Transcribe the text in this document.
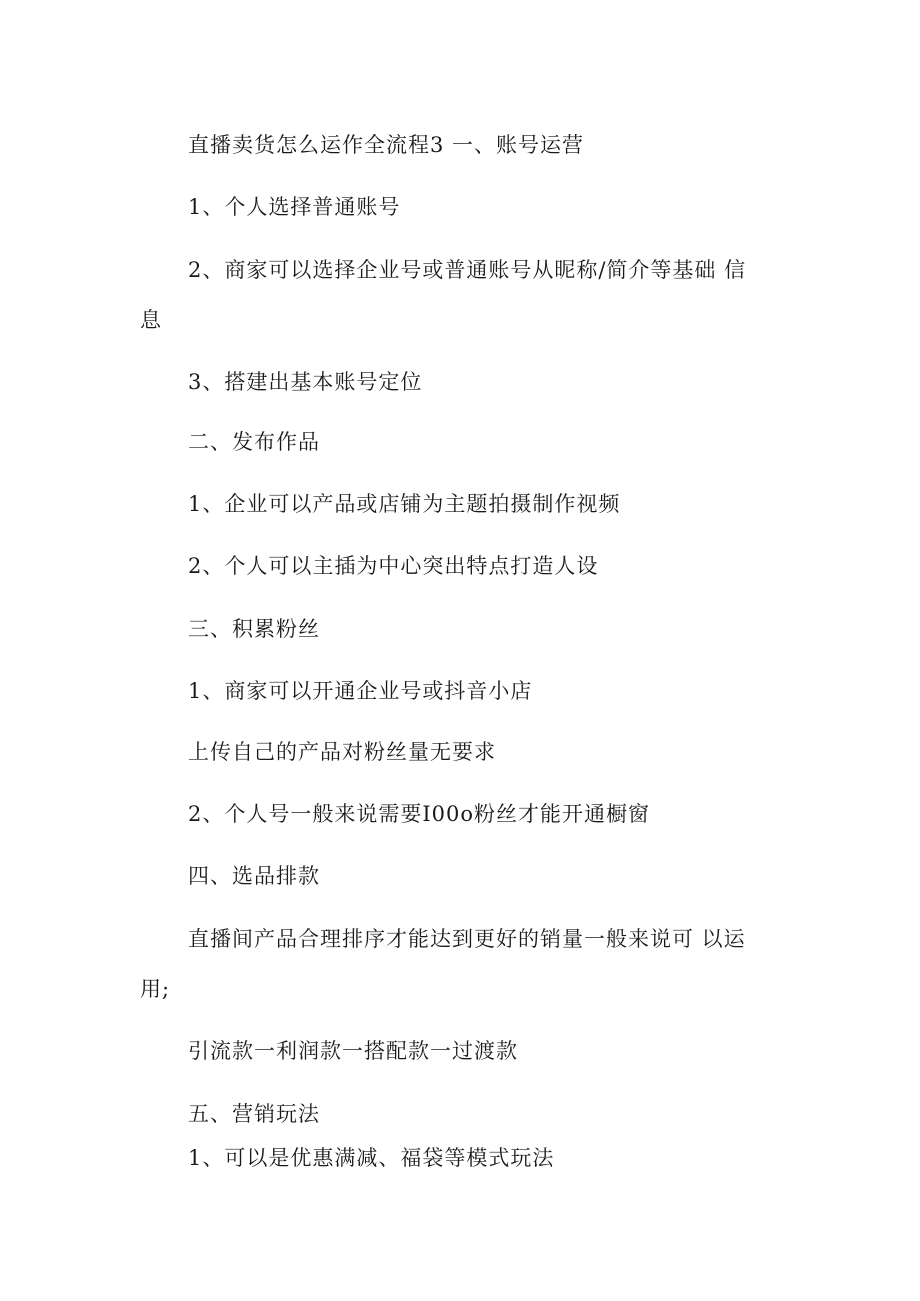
直播卖货怎么运作全流程3 一、账号运营
1、个人选择普通账号
2、商家可以选择企业号或普通账号从昵称/简介等基础 信
息
3、搭建出基本账号定位
二、发布作品
1、企业可以产品或店铺为主题拍摄制作视频
2、个人可以主插为中心突出特点打造人设
三、积累粉丝
1、商家可以开通企业号或抖音小店
上传自己的产品对粉丝量无要求
2、个人号一般来说需要I00o粉丝才能开通橱窗
四、选品排款
直播间产品合理排序才能达到更好的销量一般来说可 以运
用;
引流款一利润款一搭配款一过渡款
五、营销玩法
1、可以是优惠满减、福袋等模式玩法
